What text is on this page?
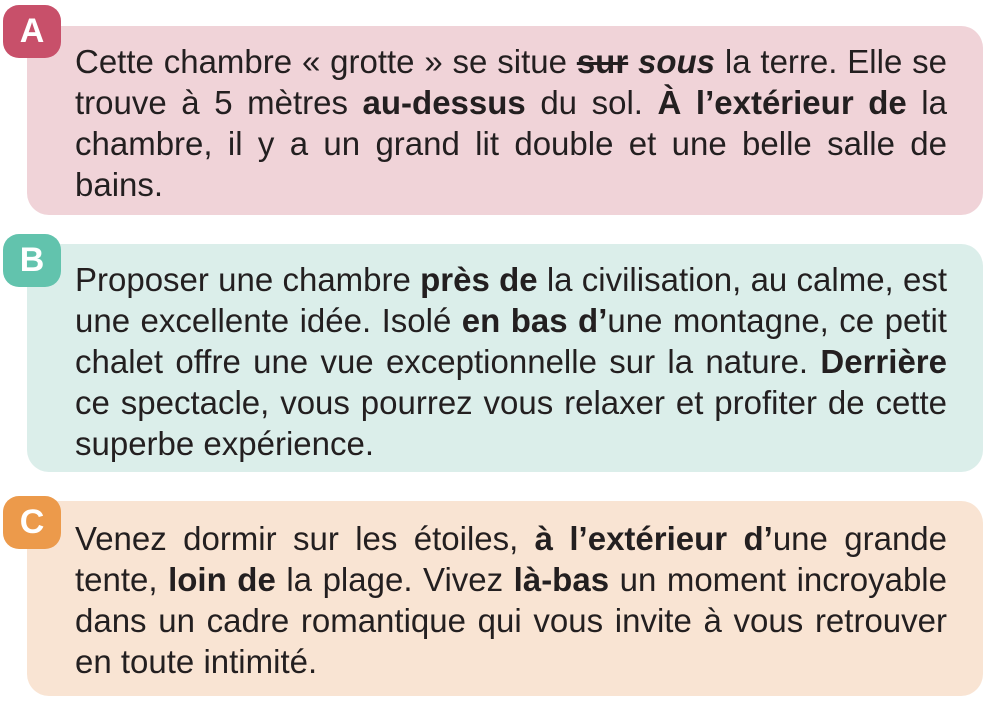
Cette chambre « grotte » se situe sur sous la terre. Elle se trouve à 5 mètres au-dessus du sol. À l’extérieur de la chambre, il y a un grand lit double et une belle salle de bains.

A

Proposer une chambre près de la civilisation, au calme, est une excellente idée. Isolé en bas d’une montagne, ce petit chalet offre une vue exceptionnelle sur la nature. Derrière ce spectacle, vous pourrez vous relaxer et profiter de cette superbe expérience.

B

Venez dormir sur les étoiles, à l’extérieur d’une grande tente, loin de la plage. Vivez là-bas un moment incroyable dans un cadre romantique qui vous invite à vous retrouver en toute intimité.

C
